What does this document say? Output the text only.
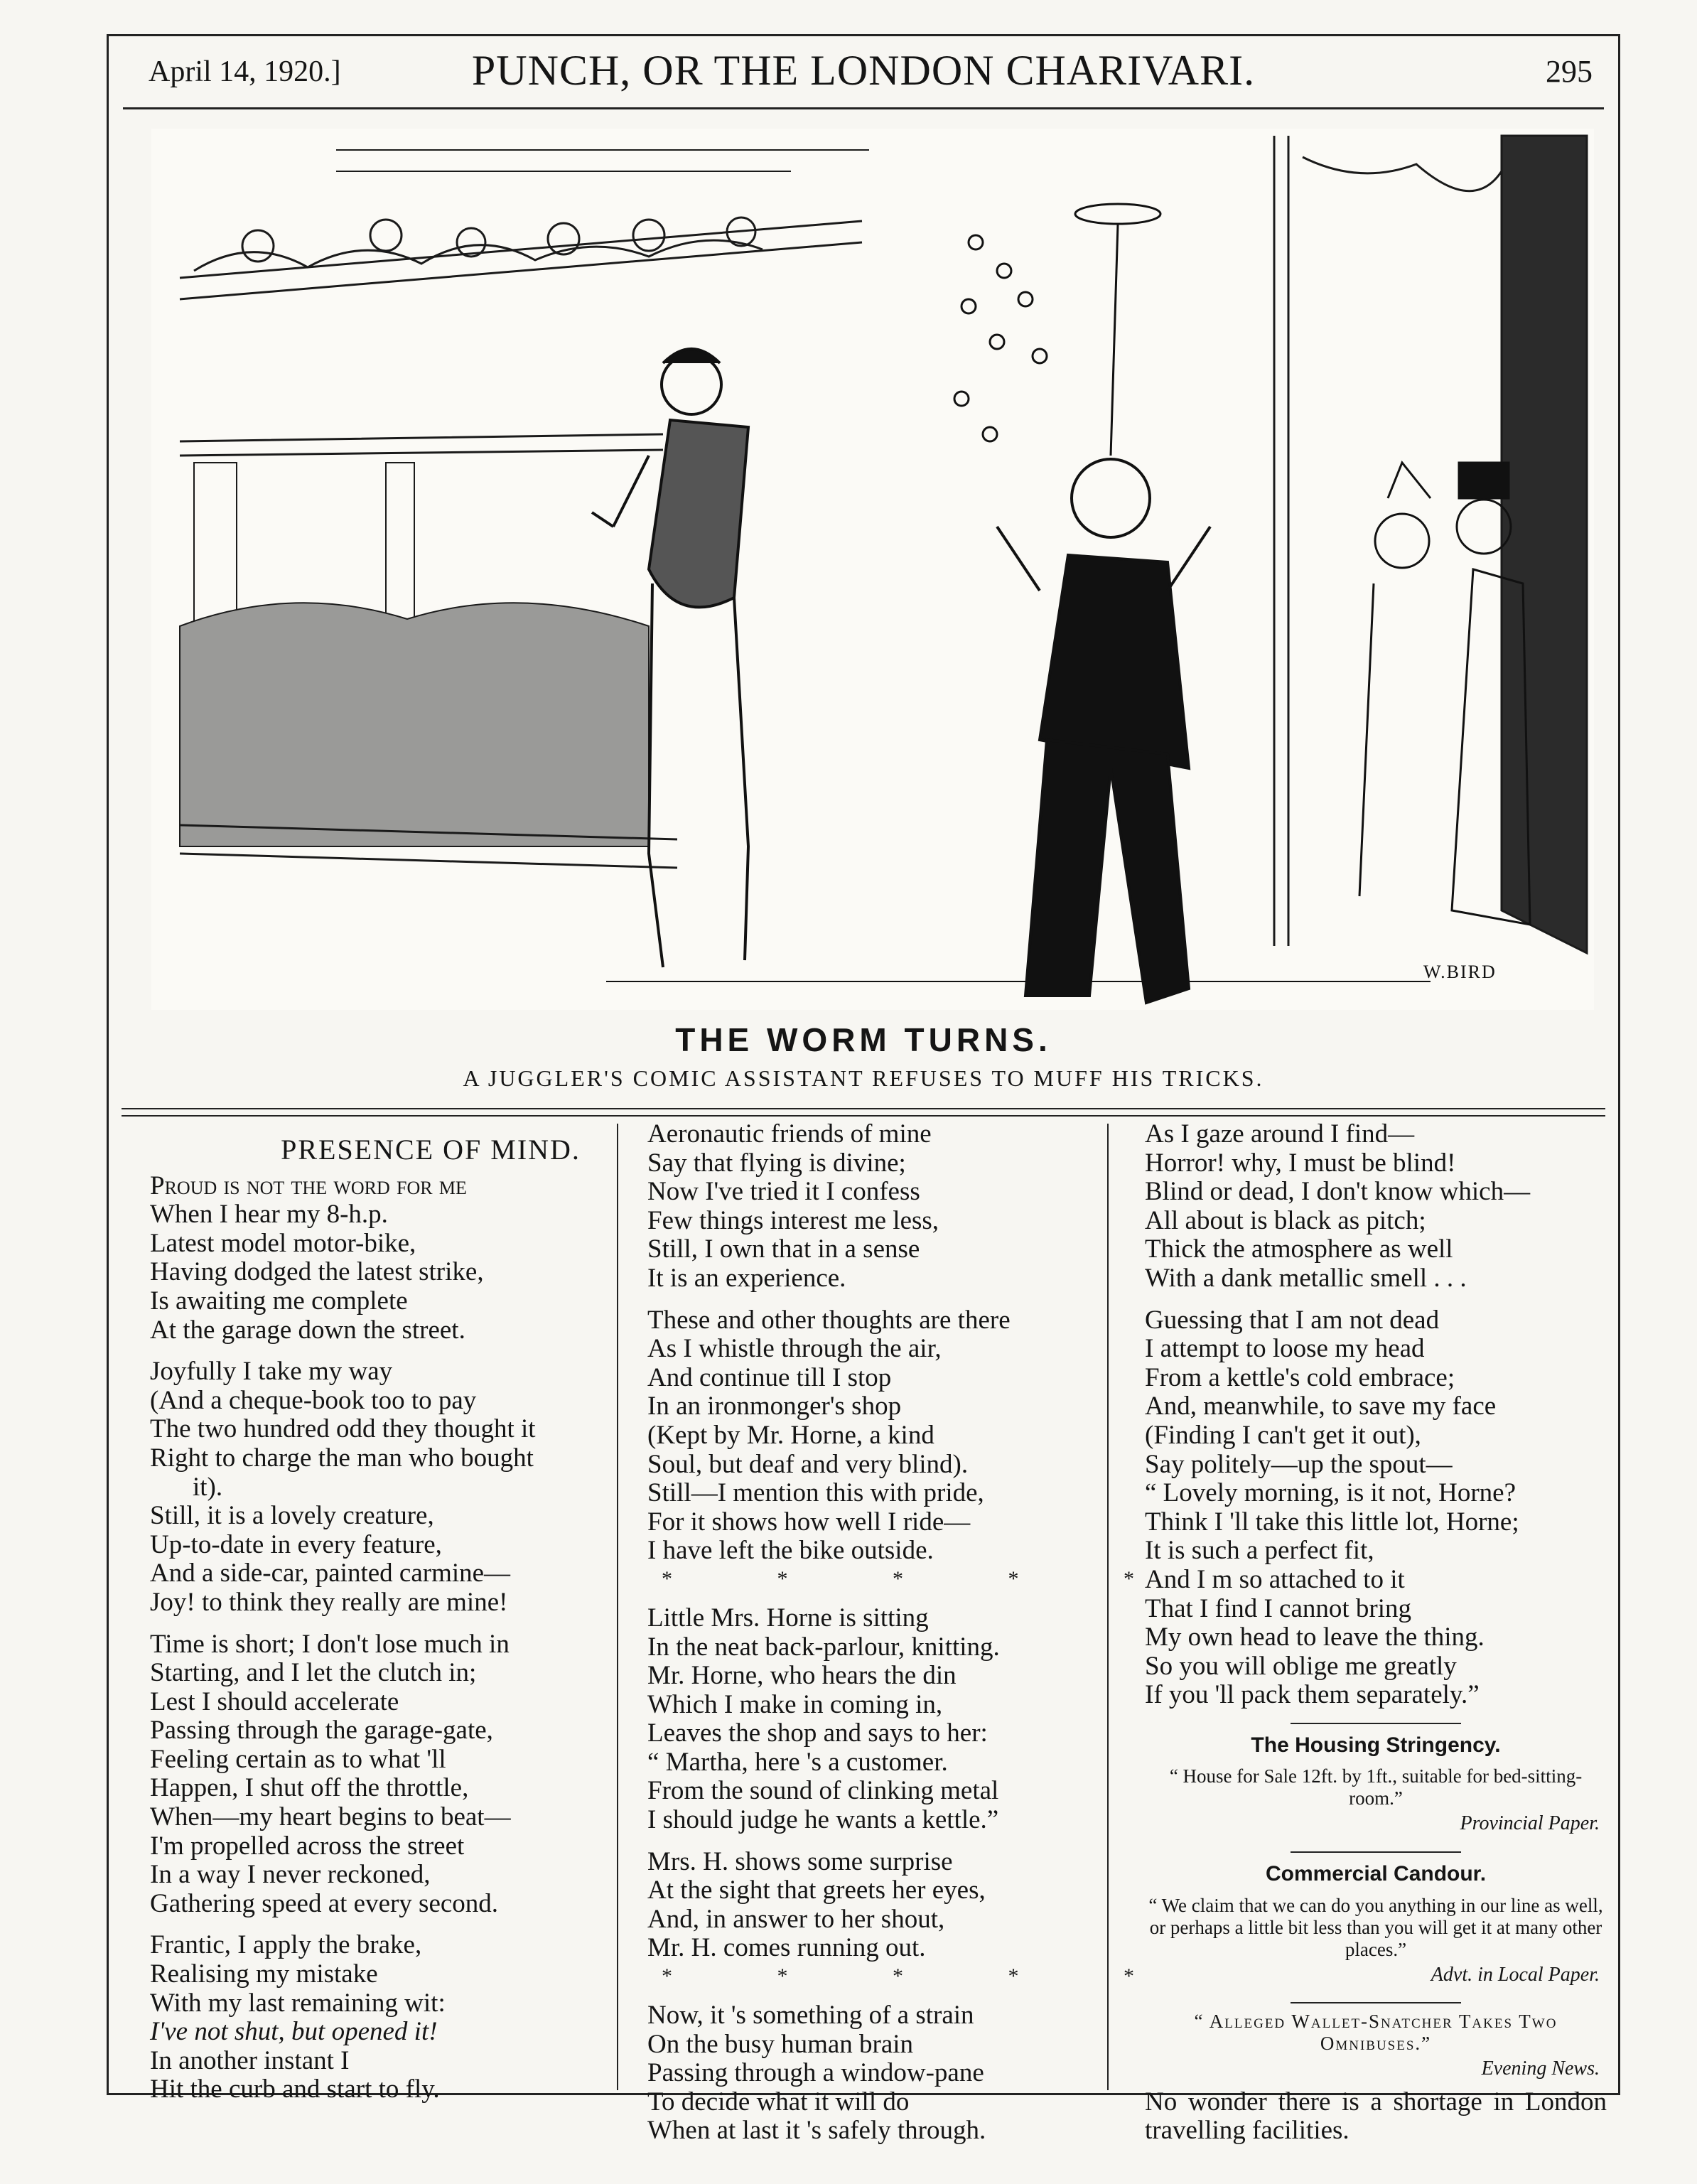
April 14, 1920.]	PUNCH, OR THE LONDON CHARIVARI.	295
W.BIRD
THE WORM TURNS.
A JUGGLER'S COMIC ASSISTANT REFUSES TO MUFF HIS TRICKS.
PRESENCE OF MIND.
Proud is not the word for me
When I hear my 8-h.p.
Latest model motor-bike,
Having dodged the latest strike,
Is awaiting me complete
At the garage down the street.
Joyfully I take my way
(And a cheque-book too to pay
The two hundred odd they thought it
Right to charge the man who bought
it).
Still, it is a lovely creature,
Up-to-date in every feature,
And a side-car, painted carmine—
Joy! to think they really are mine!
Time is short; I don't lose much in
Starting, and I let the clutch in;
Lest I should accelerate
Passing through the garage-gate,
Feeling certain as to what 'll
Happen, I shut off the throttle,
When—my heart begins to beat—
I'm propelled across the street
In a way I never reckoned,
Gathering speed at every second.
Frantic, I apply the brake,
Realising my mistake
With my last remaining wit:
I've not shut, but opened it!
In another instant I
Hit the curb and start to fly.
Aeronautic friends of mine
Say that flying is divine;
Now I've tried it I confess
Few things interest me less,
Still, I own that in a sense
It is an experience.
These and other thoughts are there
As I whistle through the air,
And continue till I stop
In an ironmonger's shop
(Kept by Mr. Horne, a kind
Soul, but deaf and very blind).
Still—I mention this with pride,
For it shows how well I ride—
I have left the bike outside.
* * * * *
Little Mrs. Horne is sitting
In the neat back-parlour, knitting.
Mr. Horne, who hears the din
Which I make in coming in,
Leaves the shop and says to her:
“ Martha, here 's a customer.
From the sound of clinking metal
I should judge he wants a kettle.”
Mrs. H. shows some surprise
At the sight that greets her eyes,
And, in answer to her shout,
Mr. H. comes running out.
* * * * *
Now, it 's something of a strain
On the busy human brain
Passing through a window-pane
To decide what it will do
When at last it 's safely through.
As I gaze around I find—
Horror! why, I must be blind!
Blind or dead, I don't know which—
All about is black as pitch;
Thick the atmosphere as well
With a dank metallic smell . . .
Guessing that I am not dead
I attempt to loose my head
From a kettle's cold embrace;
And, meanwhile, to save my face
(Finding I can't get it out),
Say politely—up the spout—
“ Lovely morning, is it not, Horne?
Think I 'll take this little lot, Horne;
It is such a perfect fit,
And I m so attached to it
That I find I cannot bring
My own head to leave the thing.
So you will oblige me greatly
If you 'll pack them separately.”
The Housing Stringency.
“ House for Sale 12ft. by 1ft., suitable for bed-sitting-room.”
Provincial Paper.
Commercial Candour.
“ We claim that we can do you anything in our line as well, or perhaps a little bit less than you will get it at many other places.”
Advt. in Local Paper.
“ Alleged Wallet-Snatcher Takes Two Omnibuses.”
Evening News.
No wonder there is a shortage in London travelling facilities.
